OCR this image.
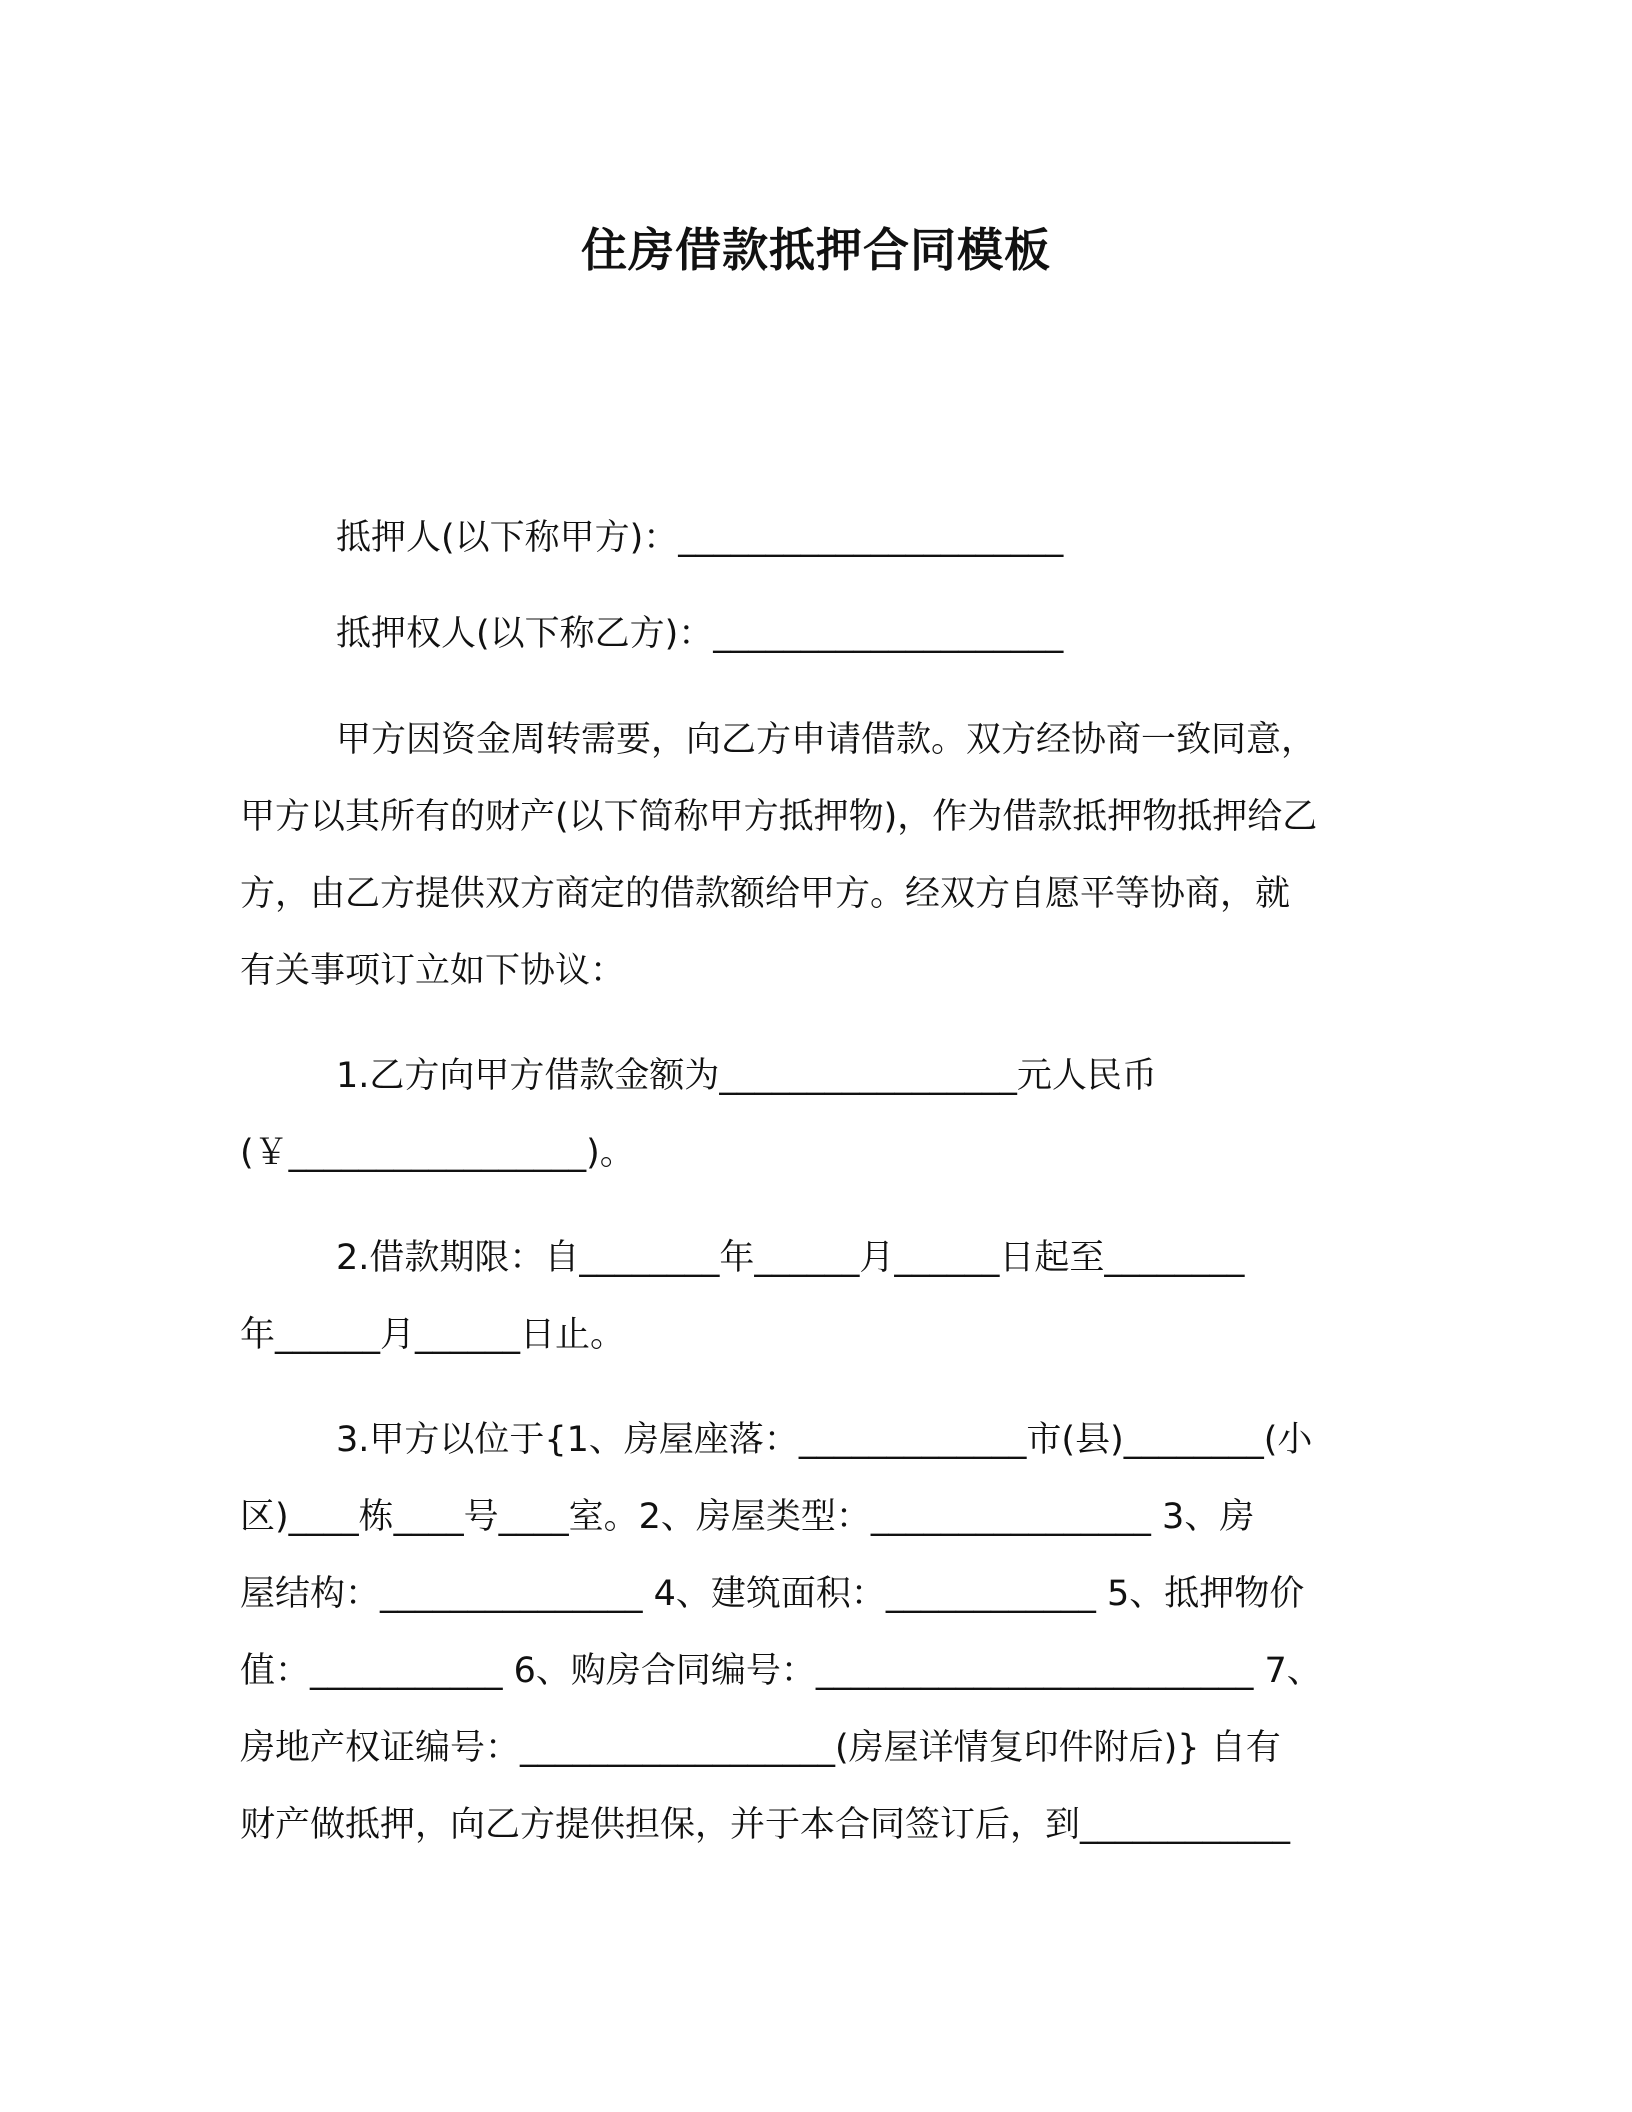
住房借款抵押合同模板
抵押人(以下称甲方)：______________________
抵押权人(以下称乙方)：____________________
甲方因资金周转需要，向乙方申请借款。双方经协商一致同意，
甲方以其所有的财产(以下简称甲方抵押物)，作为借款抵押物抵押给乙
方，由乙方提供双方商定的借款额给甲方。经双方自愿平等协商，就
有关事项订立如下协议：
1.乙方向甲方借款金额为_________________元人民币
(￥_________________)。
2.借款期限：自________年______月______日起至________
年______月______日止。
3.甲方以位于{1、房屋座落：_____________市(县)________(小
区)____栋____号____室。2、房屋类型：________________ 3、房
屋结构：_______________ 4、建筑面积：____________ 5、抵押物价
值：___________ 6、购房合同编号：_________________________ 7、
房地产权证编号：__________________(房屋详情复印件附后)} 自有
财产做抵押，向乙方提供担保，并于本合同签订后，到____________
